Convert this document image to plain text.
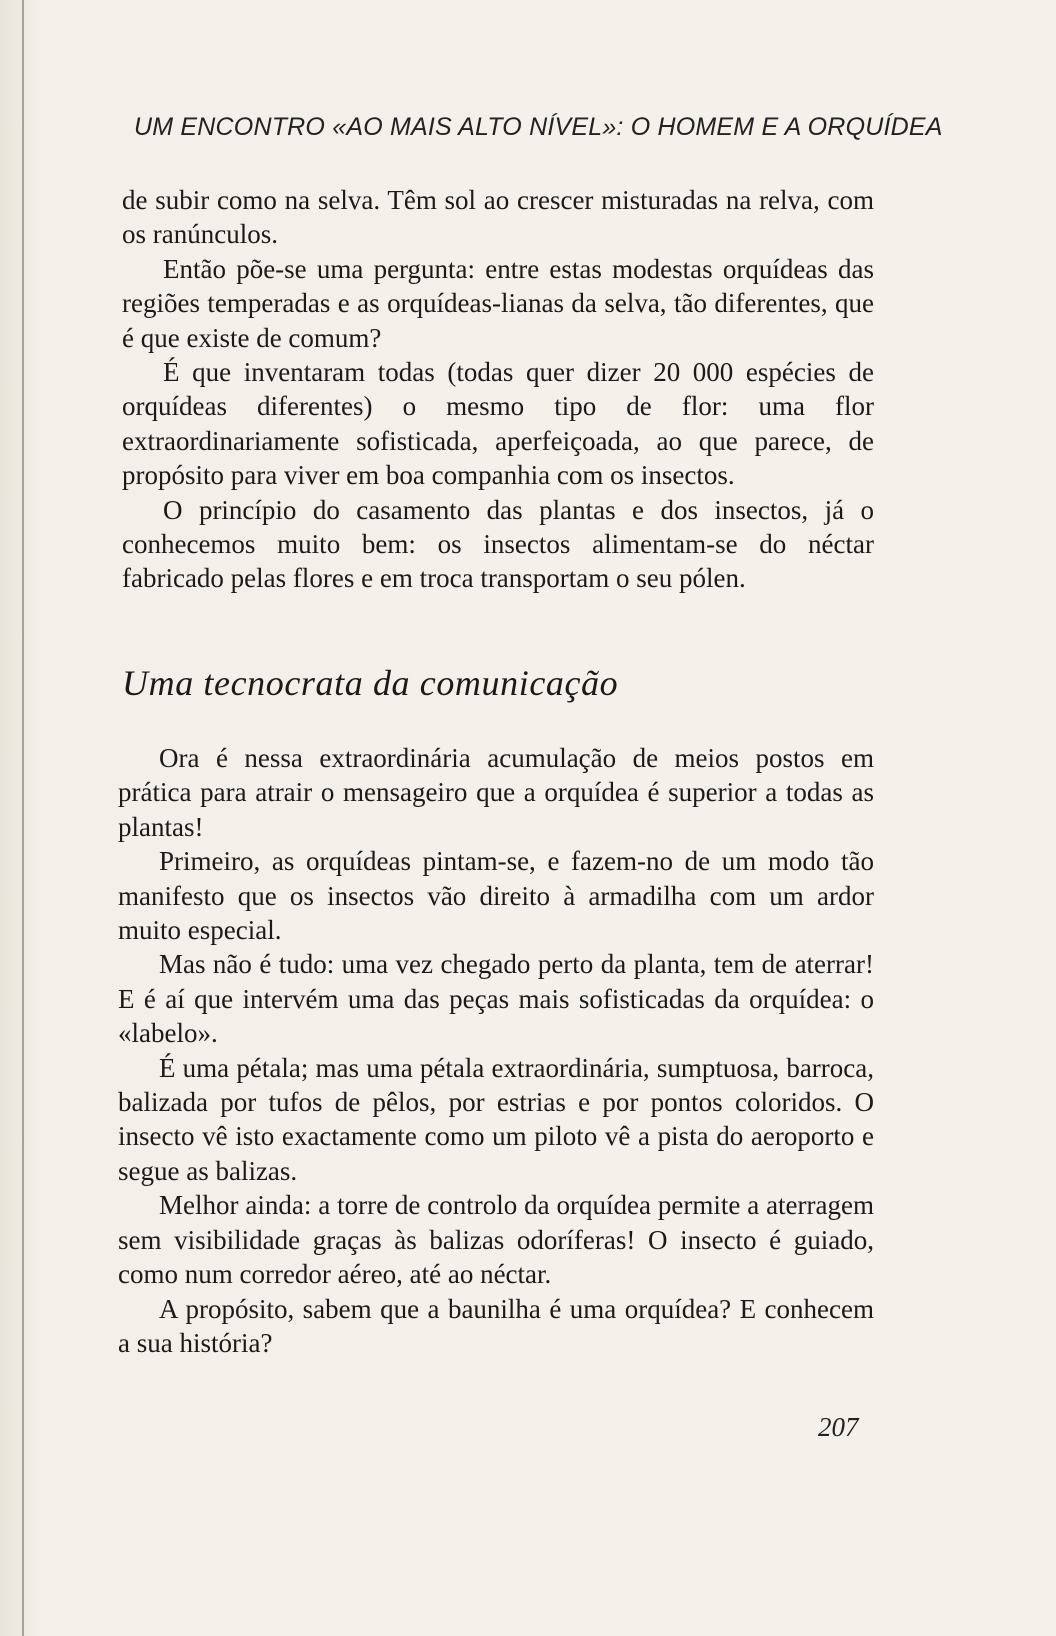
UM ENCONTRO «AO MAIS ALTO NÍVEL»: O HOMEM E A ORQUÍDEA

de subir como na selva. Têm sol ao crescer misturadas na relva, com os ranúnculos.

Então põe-se uma pergunta: entre estas modestas orquídeas das regiões temperadas e as orquídeas-lianas da selva, tão diferentes, que é que existe de comum?

É que inventaram todas (todas quer dizer 20 000 espécies de orquídeas diferentes) o mesmo tipo de flor: uma flor extraordinariamente sofisticada, aperfeiçoada, ao que parece, de propósito para viver em boa companhia com os insectos.

O princípio do casamento das plantas e dos insectos, já o conhecemos muito bem: os insectos alimentam-se do néctar fabricado pelas flores e em troca transportam o seu pólen.

Uma tecnocrata da comunicação

Ora é nessa extraordinária acumulação de meios postos em prática para atrair o mensageiro que a orquídea é superior a todas as plantas!

Primeiro, as orquídeas pintam-se, e fazem-no de um modo tão manifesto que os insectos vão direito à armadilha com um ardor muito especial.

Mas não é tudo: uma vez chegado perto da planta, tem de aterrar! E é aí que intervém uma das peças mais sofisticadas da orquídea: o «labelo».

É uma pétala; mas uma pétala extraordinária, sumptuosa, barroca, balizada por tufos de pêlos, por estrias e por pontos coloridos. O insecto vê isto exactamente como um piloto vê a pista do aeroporto e segue as balizas.

Melhor ainda: a torre de controlo da orquídea permite a aterragem sem visibilidade graças às balizas odoríferas! O insecto é guiado, como num corredor aéreo, até ao néctar.

A propósito, sabem que a baunilha é uma orquídea? E conhecem a sua história?

207
